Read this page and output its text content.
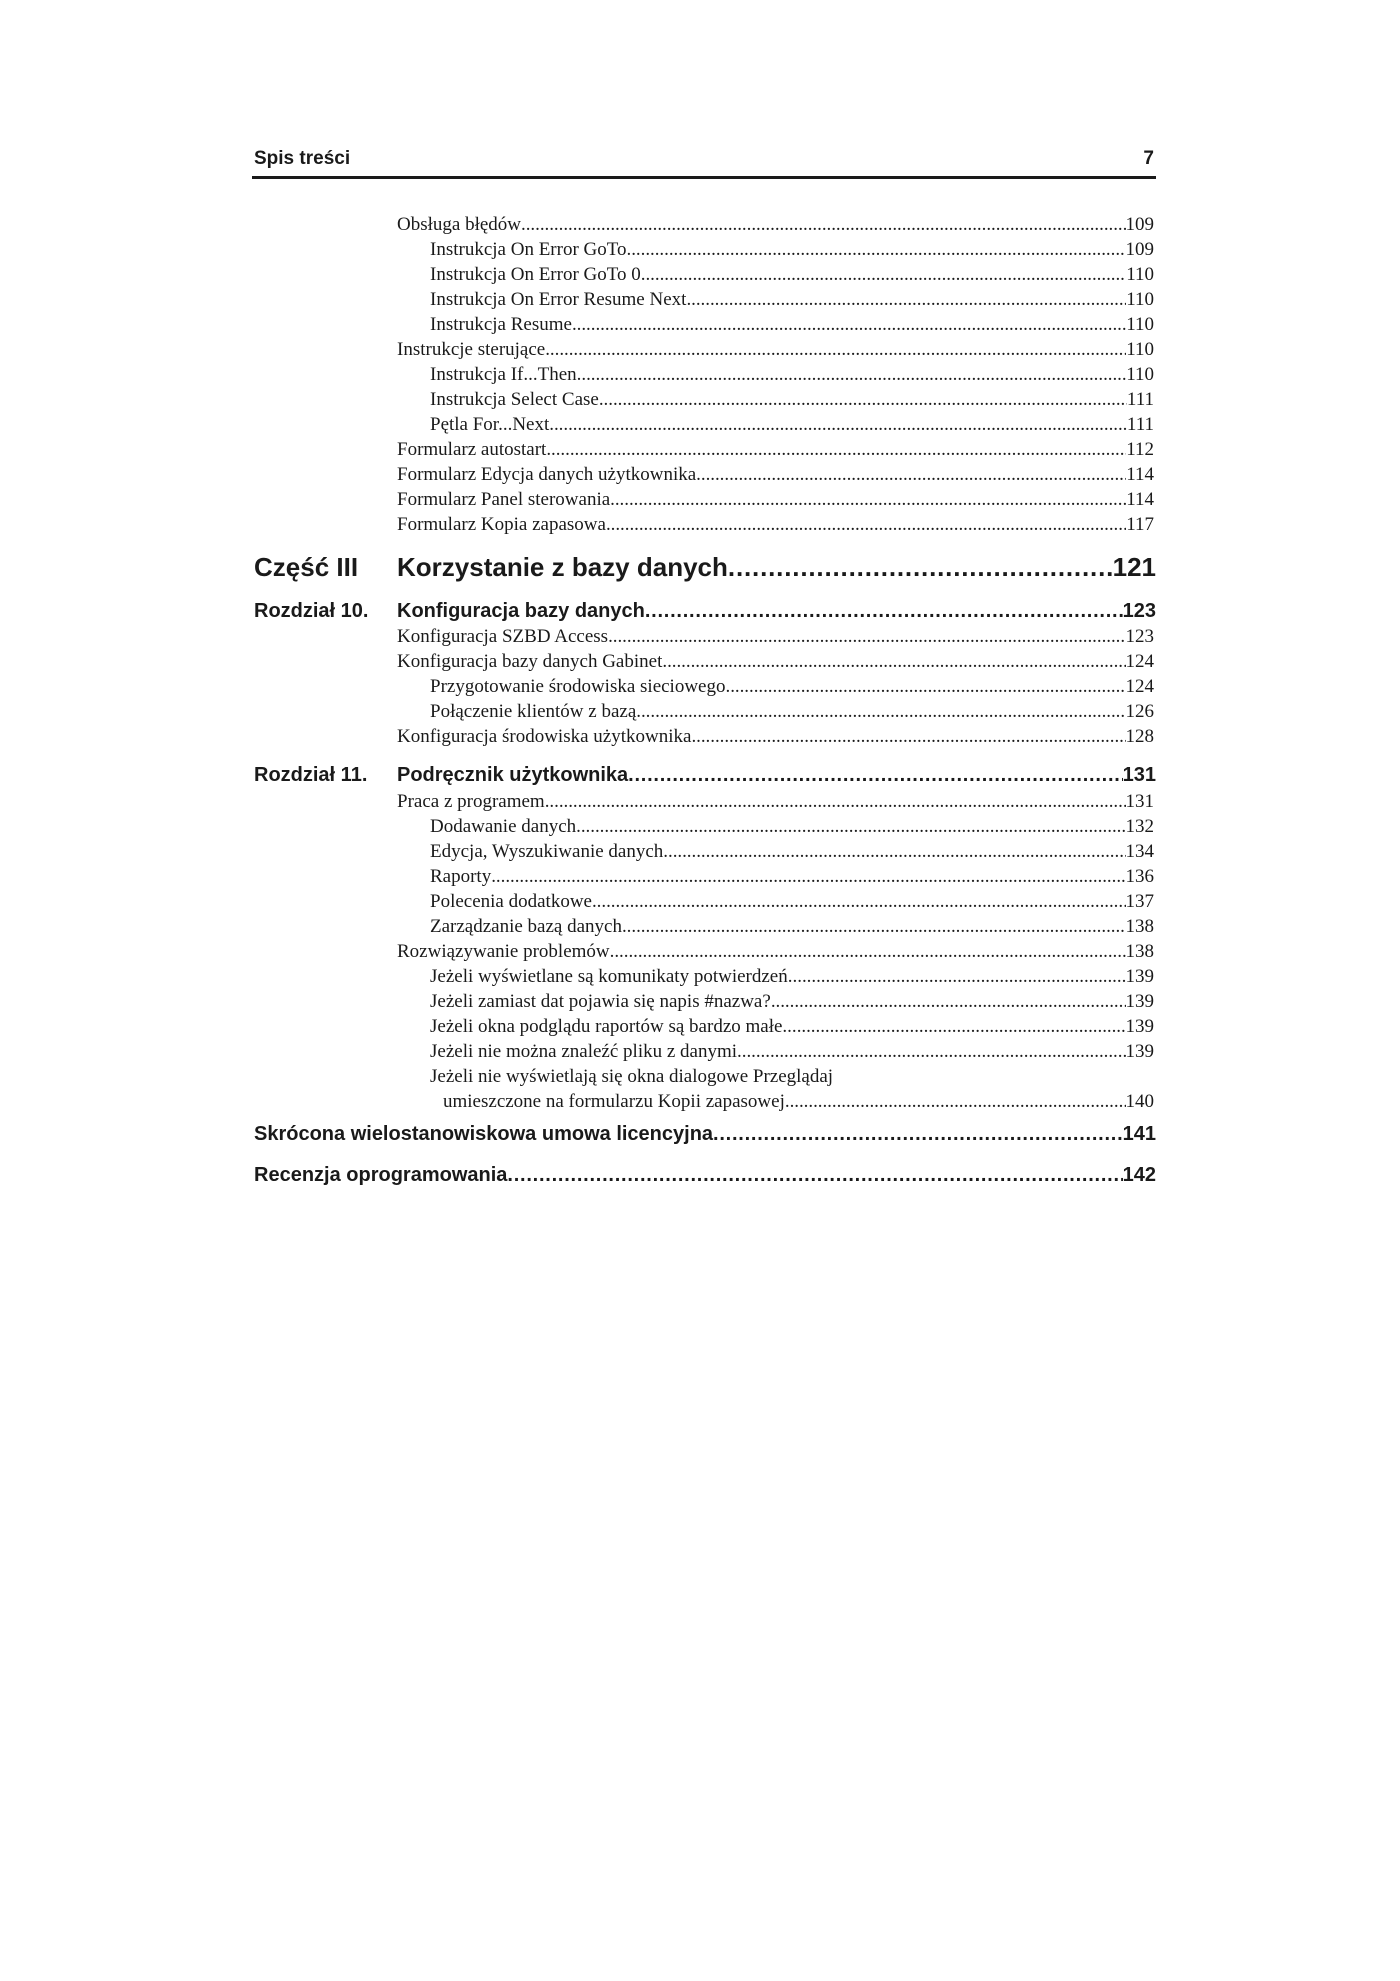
Spis treści	7
Obsługa błędów . . .	109
Instrukcja On Error GoTo . . .	109
Instrukcja On Error GoTo 0 . . .	110
Instrukcja On Error Resume Next . . .	110
Instrukcja Resume . . .	110
Instrukcje sterujące . . .	110
Instrukcja If...Then . . .	110
Instrukcja Select Case . . .	111
Pętla For...Next . . .	111
Formularz autostart . . .	112
Formularz Edycja danych użytkownika . . .	114
Formularz Panel sterowania . . .	114
Formularz Kopia zapasowa . . .	117
Część III Korzystanie z bazy danych . . .	121
Rozdział 10. Konfiguracja bazy danych . . .	123
Konfiguracja SZBD Access . . .	123
Konfiguracja bazy danych Gabinet . . .	124
Przygotowanie środowiska sieciowego . . .	124
Połączenie klientów z bazą . . .	126
Konfiguracja środowiska użytkownika . . .	128
Rozdział 11. Podręcznik użytkownika . . .	131
Praca z programem . . .	131
Dodawanie danych . . .	132
Edycja, Wyszukiwanie danych . . .	134
Raporty . . .	136
Polecenia dodatkowe . . .	137
Zarządzanie bazą danych . . .	138
Rozwiązywanie problemów . . .	138
Jeżeli wyświetlane są komunikaty potwierdzeń... . . .	139
Jeżeli zamiast dat pojawia się napis #nazwa? . . .	139
Jeżeli okna podglądu raportów są bardzo małe... . . .	139
Jeżeli nie można znaleźć pliku z danymi . . .	139
Jeżeli nie wyświetlają się okna dialogowe Przeglądaj
umieszczone na formularzu Kopii zapasowej . . .	140
Skrócona wielostanowiskowa umowa licencyjna . . .	141
Recenzja oprogramowania . . .	142
